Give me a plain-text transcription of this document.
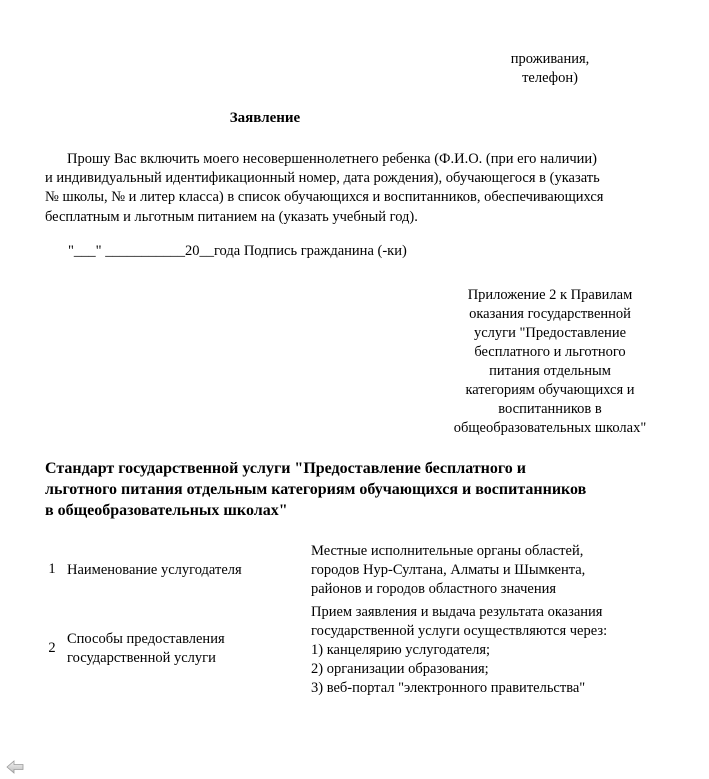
проживания,
телефон)
Заявление
Прошу Вас включить моего несовершеннолетнего ребенка (Ф.И.О. (при его наличии)
и индивидуальный идентификационный номер, дата рождения), обучающегося в (указать
№ школы, № и литер класса) в список обучающихся и воспитанников, обеспечивающихся
бесплатным и льготным питанием на (указать учебный год).
"___" ___________20__года Подпись гражданина (-ки)
Приложение 2 к Правилам
оказания государственной
услуги "Предоставление
бесплатного и льготного
питания отдельным
категориям обучающихся и
воспитанников в
общеобразовательных школах"
Стандарт государственной услуги "Предоставление бесплатного и
льготного питания отдельным категориям обучающихся и воспитанников
в общеобразовательных школах"
1 Наименование услугодателя
Местные исполнительные органы областей,
городов Нур-Султана, Алматы и Шымкента,
районов и городов областного значения
2
Способы предоставления
государственной услуги
Прием заявления и выдача результата оказания
государственной услуги осуществляются через:
1) канцелярию услугодателя;
2) организации образования;
3) веб-портал "электронного правительства"
